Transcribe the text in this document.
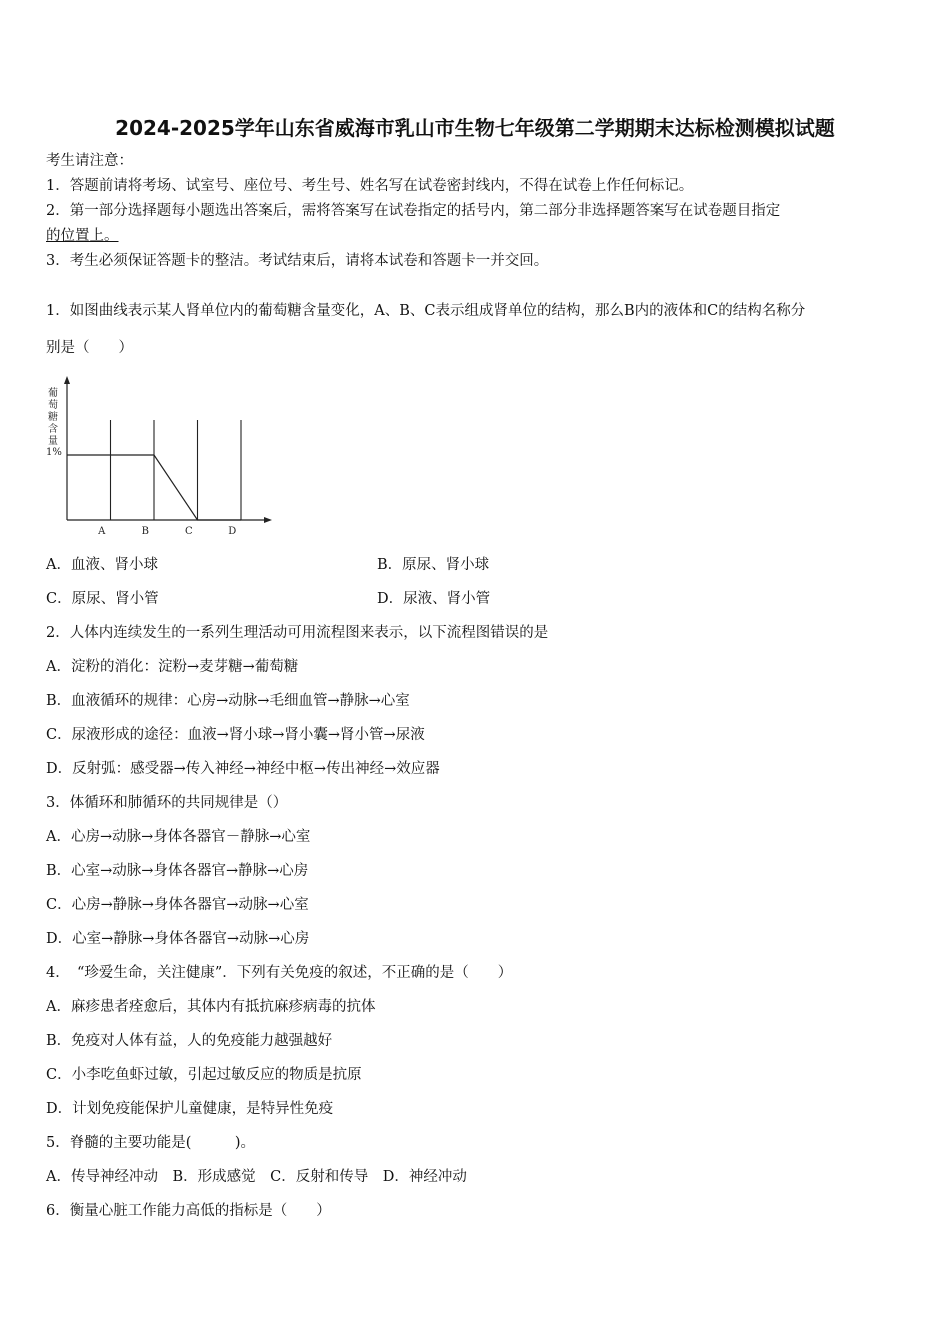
2024-2025学年山东省威海市乳山市生物七年级第二学期期末达标检测模拟试题
考生请注意：
1．答题前请将考场、试室号、座位号、考生号、姓名写在试卷密封线内，不得在试卷上作任何标记。
2．第一部分选择题每小题选出答案后，需将答案写在试卷指定的括号内，第二部分非选择题答案写在试卷题目指定
的位置上。
3．考生必须保证答题卡的整洁。考试结束后，请将本试卷和答题卡一并交回。
1．如图曲线表示某人肾单位内的葡萄糖含量变化，A、B、C表示组成肾单位的结构，那么B内的液体和C的结构名称分
别是（　　）
葡
萄
糖
含
量
1%
A	B	C	D
A．血液、肾小球	B．原尿、肾小球
C．原尿、肾小管	D．尿液、肾小管
2．人体内连续发生的一系列生理活动可用流程图来表示，以下流程图错误的是
A．淀粉的消化：淀粉→麦芽糖→葡萄糖
B．血液循环的规律：心房→动脉→毛细血管→静脉→心室
C．尿液形成的途径：血液→肾小球→肾小囊→肾小管→尿液
D．反射弧：感受器→传入神经→神经中枢→传出神经→效应器
3．体循环和肺循环的共同规律是（）
A．心房→动脉→身体各器官－静脉→心室
B．心室→动脉→身体各器官→静脉→心房
C．心房→静脉→身体各器官→动脉→心室
D．心室→静脉→身体各器官→动脉→心房
4．　“珍爱生命，关注健康”．下列有关免疫的叙述，不正确的是（　　）
A．麻疹患者痊愈后，其体内有抵抗麻疹病毒的抗体
B．免疫对人体有益，人的免疫能力越强越好
C．小李吃鱼虾过敏，引起过敏反应的物质是抗原
D．计划免疫能保护儿童健康，是特异性免疫
5．脊髓的主要功能是(　　　)。
A．传导神经冲动　B．形成感觉　C．反射和传导　D．神经冲动
6．衡量心脏工作能力高低的指标是（　　）
